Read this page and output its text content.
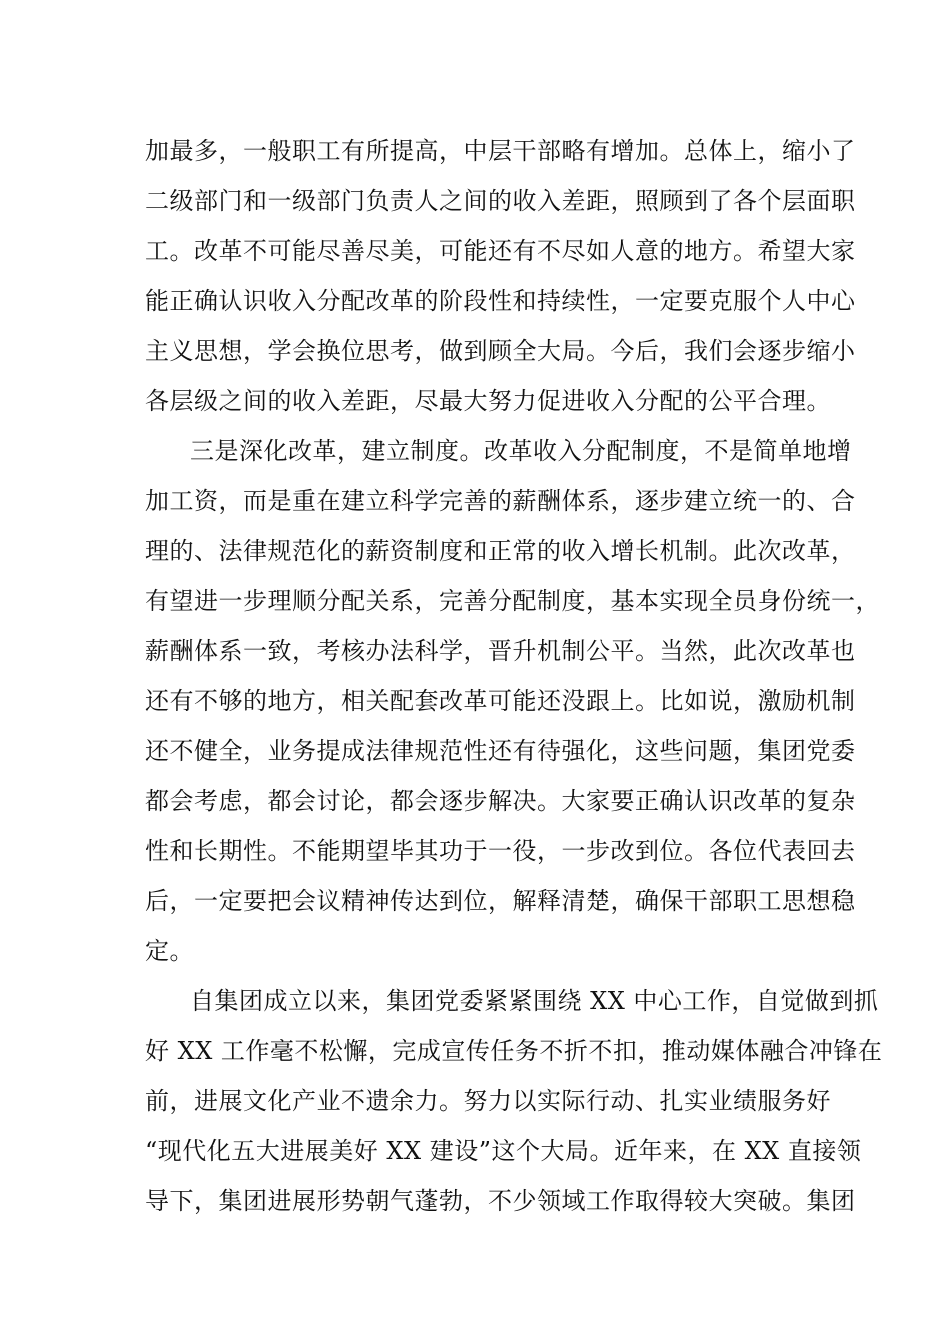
加最多，一般职工有所提高，中层干部略有增加。总体上，缩小了
二级部门和一级部门负责人之间的收入差距，照顾到了各个层面职
工。改革不可能尽善尽美，可能还有不尽如人意的地方。希望大家
能正确认识收入分配改革的阶段性和持续性，一定要克服个人中心
主义思想，学会换位思考，做到顾全大局。今后，我们会逐步缩小
各层级之间的收入差距，尽最大努力促进收入分配的公平合理。
三是深化改革，建立制度。改革收入分配制度，不是简单地增
加工资，而是重在建立科学完善的薪酬体系，逐步建立统一的、合
理的、法律规范化的薪资制度和正常的收入增长机制。此次改革，
有望进一步理顺分配关系，完善分配制度，基本实现全员身份统一，
薪酬体系一致，考核办法科学，晋升机制公平。当然，此次改革也
还有不够的地方，相关配套改革可能还没跟上。比如说，激励机制
还不健全，业务提成法律规范性还有待强化，这些问题，集团党委
都会考虑，都会讨论，都会逐步解决。大家要正确认识改革的复杂
性和长期性。不能期望毕其功于一役，一步改到位。各位代表回去
后，一定要把会议精神传达到位，解释清楚，确保干部职工思想稳
定。
自集团成立以来，集团党委紧紧围绕 XX 中心工作，自觉做到抓
好 XX 工作毫不松懈，完成宣传任务不折不扣，推动媒体融合冲锋在
前，进展文化产业不遗余力。努力以实际行动、扎实业绩服务好
“现代化五大进展美好 XX 建设”这个大局。近年来，在 XX 直接领
导下，集团进展形势朝气蓬勃，不少领域工作取得较大突破。集团
